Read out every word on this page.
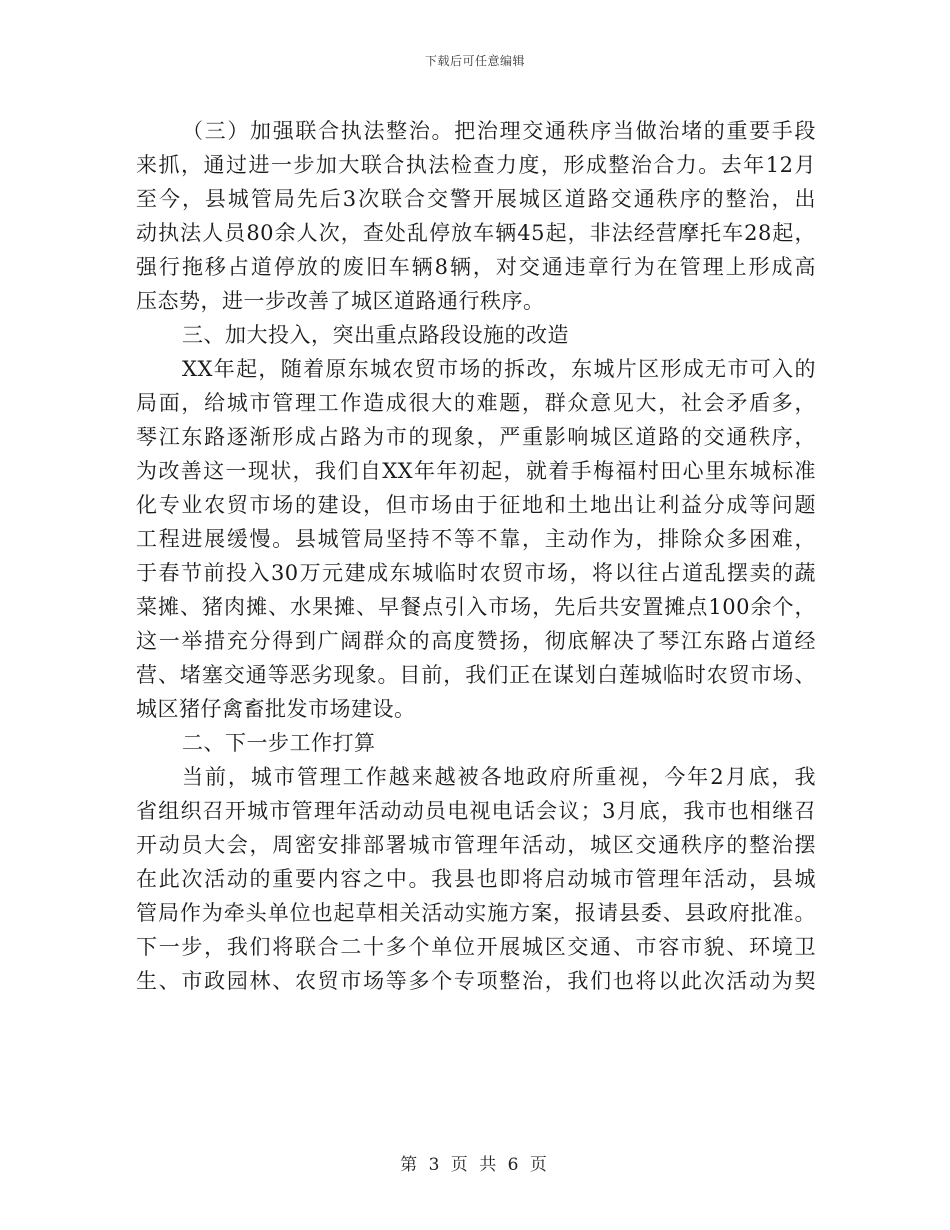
下载后可任意编辑
（三）加强联合执法整治。把治理交通秩序当做治堵的重要手段
来抓，通过进一步加大联合执法检查力度，形成整治合力。去年12月
至今，县城管局先后3次联合交警开展城区道路交通秩序的整治，出
动执法人员80余人次，查处乱停放车辆45起，非法经营摩托车28起，
强行拖移占道停放的废旧车辆8辆，对交通违章行为在管理上形成高
压态势，进一步改善了城区道路通行秩序。
三、加大投入，突出重点路段设施的改造
XX年起，随着原东城农贸市场的拆改，东城片区形成无市可入的
局面，给城市管理工作造成很大的难题，群众意见大，社会矛盾多，
琴江东路逐渐形成占路为市的现象，严重影响城区道路的交通秩序，
为改善这一现状，我们自XX年年初起，就着手梅福村田心里东城标准
化专业农贸市场的建设，但市场由于征地和土地出让利益分成等问题
工程进展缓慢。县城管局坚持不等不靠，主动作为，排除众多困难，
于春节前投入30万元建成东城临时农贸市场，将以往占道乱摆卖的蔬
菜摊、猪肉摊、水果摊、早餐点引入市场，先后共安置摊点100余个，
这一举措充分得到广阔群众的高度赞扬，彻底解决了琴江东路占道经
营、堵塞交通等恶劣现象。目前，我们正在谋划白莲城临时农贸市场、
城区猪仔禽畜批发市场建设。
二、下一步工作打算
当前，城市管理工作越来越被各地政府所重视，今年2月底，我
省组织召开城市管理年活动动员电视电话会议；3月底，我市也相继召
开动员大会，周密安排部署城市管理年活动，城区交通秩序的整治摆
在此次活动的重要内容之中。我县也即将启动城市管理年活动，县城
管局作为牵头单位也起草相关活动实施方案，报请县委、县政府批准。
下一步，我们将联合二十多个单位开展城区交通、市容市貌、环境卫
生、市政园林、农贸市场等多个专项整治，我们也将以此次活动为契
第 3 页 共 6 页
